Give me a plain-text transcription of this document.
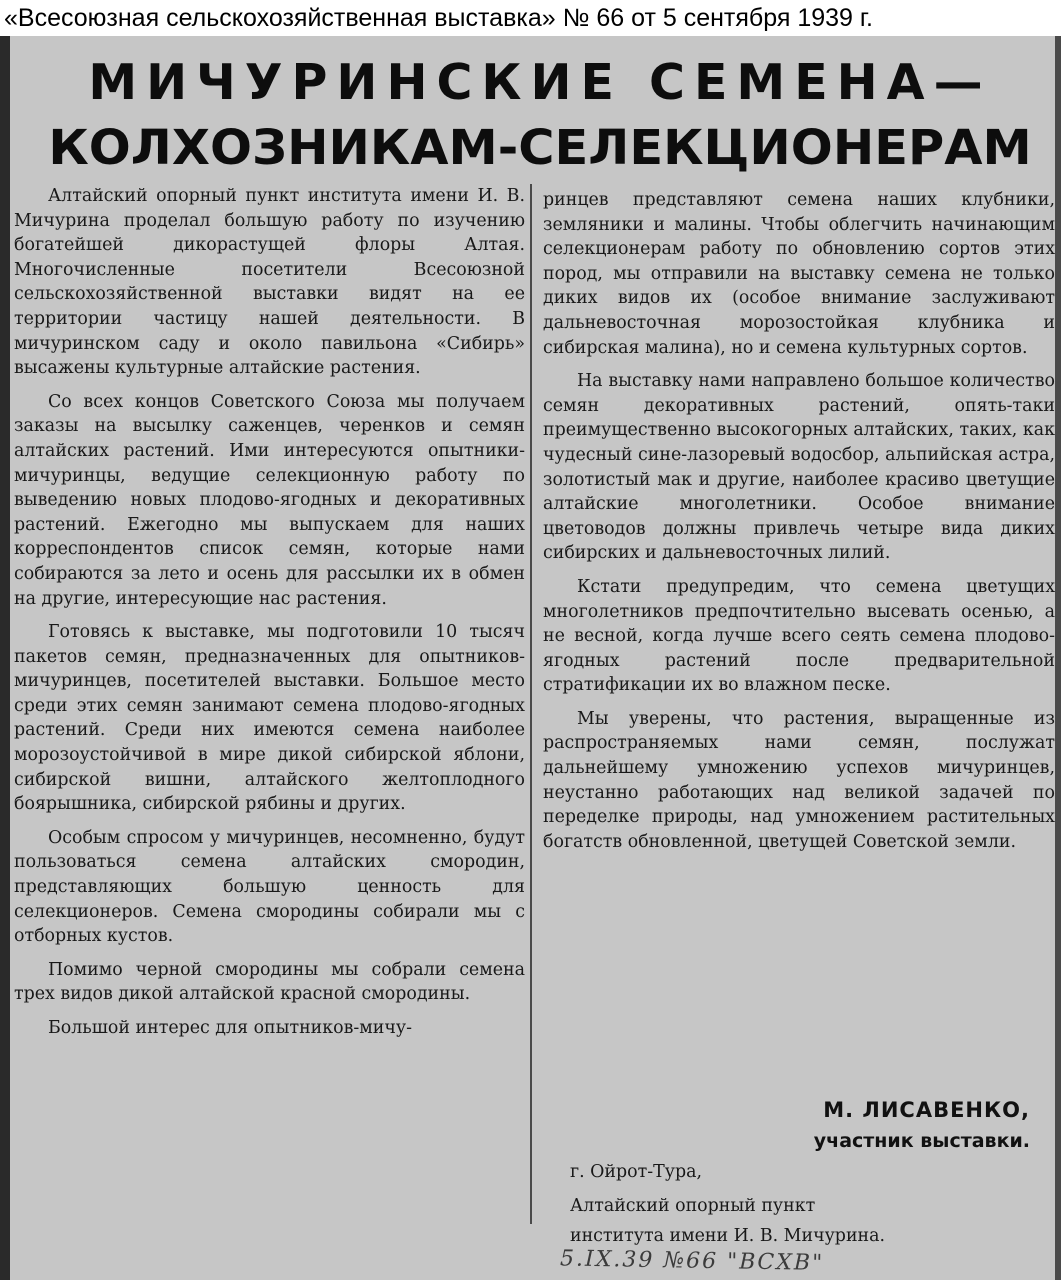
«Всесоюзная сельскохозяйственная выставка» № 66 от 5 сентября 1939 г.
МИЧУРИНСКИЕ СЕМЕНА—
КОЛХОЗНИКАМ-СЕЛЕКЦИОНЕРАМ

Алтайский опорный пункт института имени И. В. Мичурина проделал большую работу по изучению богатейшей дикорастущей флоры Алтая. Многочисленные посетители Всесоюзной сельскохозяйственной выставки видят на ее территории частицу нашей деятельности. В мичуринском саду и около павильона «Сибирь» высажены культурные алтайские растения.

Со всех концов Советского Союза мы получаем заказы на высылку саженцев, черенков и семян алтайских растений. Ими интересуются опытники-мичуринцы, ведущие селекционную работу по выведению новых плодово-ягодных и декоративных растений. Ежегодно мы выпускаем для наших корреспондентов список семян, которые нами собираются за лето и осень для рассылки их в обмен на другие, интересующие нас растения.

Готовясь к выставке, мы подготовили 10 тысяч пакетов семян, предназначенных для опытников-мичуринцев, посетителей выставки. Большое место среди этих семян занимают семена плодово-ягодных растений. Среди них имеются семена наиболее морозоустойчивой в мире дикой сибирской яблони, сибирской вишни, алтайского желтоплодного боярышника, сибирской рябины и других.

Особым спросом у мичуринцев, несомненно, будут пользоваться семена алтайских смородин, представляющих большую ценность для селекционеров. Семена смородины собирали мы с отборных кустов.

Помимо черной смородины мы собрали семена трех видов дикой алтайской красной смородины.

Большой интерес для опытников-мичу-

ринцев представляют семена наших клубники, земляники и малины. Чтобы облегчить начинающим селекционерам работу по обновлению сортов этих пород, мы отправили на выставку семена не только диких видов их (особое внимание заслуживают дальневосточная морозостойкая клубника и сибирская малина), но и семена культурных сортов.

На выставку нами направлено большое количество семян декоративных растений, опять-таки преимущественно высокогорных алтайских, таких, как чудесный сине-лазоревый водосбор, альпийская астра, золотистый мак и другие, наиболее красиво цветущие алтайские многолетники. Особое внимание цветоводов должны привлечь четыре вида диких сибирских и дальневосточных лилий.

Кстати предупредим, что семена цветущих многолетников предпочтительно высевать осенью, а не весной, когда лучше всего сеять семена плодово-ягодных растений после предварительной стратификации их во влажном песке.

Мы уверены, что растения, выращенные из распространяемых нами семян, послужат дальнейшему умножению успехов мичуринцев, неустанно работающих над великой задачей по переделке природы, над умножением растительных богатств обновленной, цветущей Советской земли.

М. ЛИСАВЕНКО,
участник выставки.
г. Ойрот-Тура,
Алтайский опорный пункт
института имени И. В. Мичурина.
5.IX.39 №66 "ВСХВ"
